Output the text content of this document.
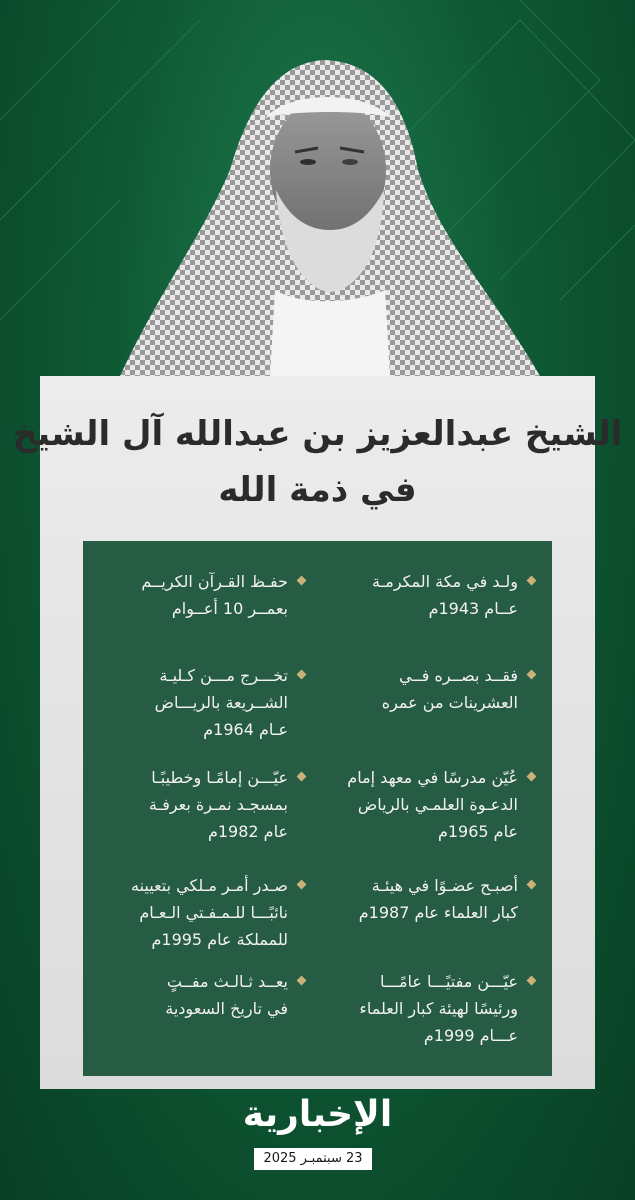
الشيخ عبدالعزيز بن عبدالله آل الشيخ
في ذمة الله
ولـد في مكة المكرمـة
عــام 1943م
فقــد بصــره فــي
العشرينات من عمره
عُيّن مدرسًا في معهد إمام
الدعـوة العلمـي بالرياض
عام 1965م
أصبـح عضـوًا في هيئـة
كبار العلماء عام 1987م
عيّـــن مفتيًـــا عامًـــا
ورئيسًا لهيئة كبار العلماء
عـــام 1999م
حفـظ القـرآن الكريــم
بعمــر 10 أعــوام
تخـــرج مـــن كـليـة
الشــريعة بالريـــاض
عـام 1964م
عيّـــن إمامًـا وخطيبًـا
بمسجـد نمـرة بعرفـة
عام 1982م
صـدر أمـر مـلكي بتعيينه
نائبًـــا للـمـفـتي الـعـام
للمملكة عام 1995م
يعــد ثـالـث مفــتٍ
في تاريخ السعودية
الإخبارية
23 سبتمبـر 2025
